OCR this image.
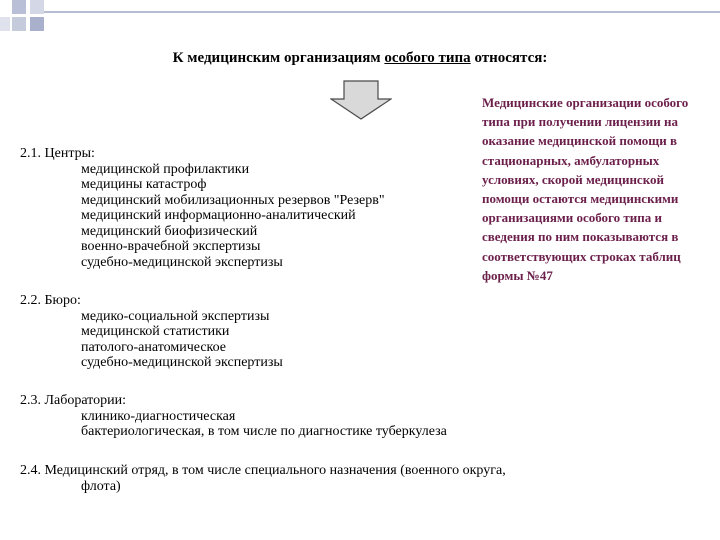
К медицинским организациям особого типа относятся:
Медицинские организации особого типа при получении лицензии на оказание медицинской помощи в стационарных, амбулаторных условиях, скорой медицинской помощи остаются медицинскими организациями особого типа и сведения по ним показываются в соответствующих строках таблиц формы №47
2.1. Центры:
медицинской профилактики
медицины катастроф
медицинский мобилизационных резервов "Резерв"
медицинский информационно-аналитический
медицинский биофизический
военно-врачебной экспертизы
судебно-медицинской экспертизы
2.2. Бюро:
медико-социальной экспертизы
медицинской статистики
патолого-анатомическое
судебно-медицинской экспертизы
2.3. Лаборатории:
клинико-диагностическая
бактериологическая, в том числе по диагностике туберкулеза
2.4. Медицинский отряд, в том числе специального назначения (военного округа,
флота)
